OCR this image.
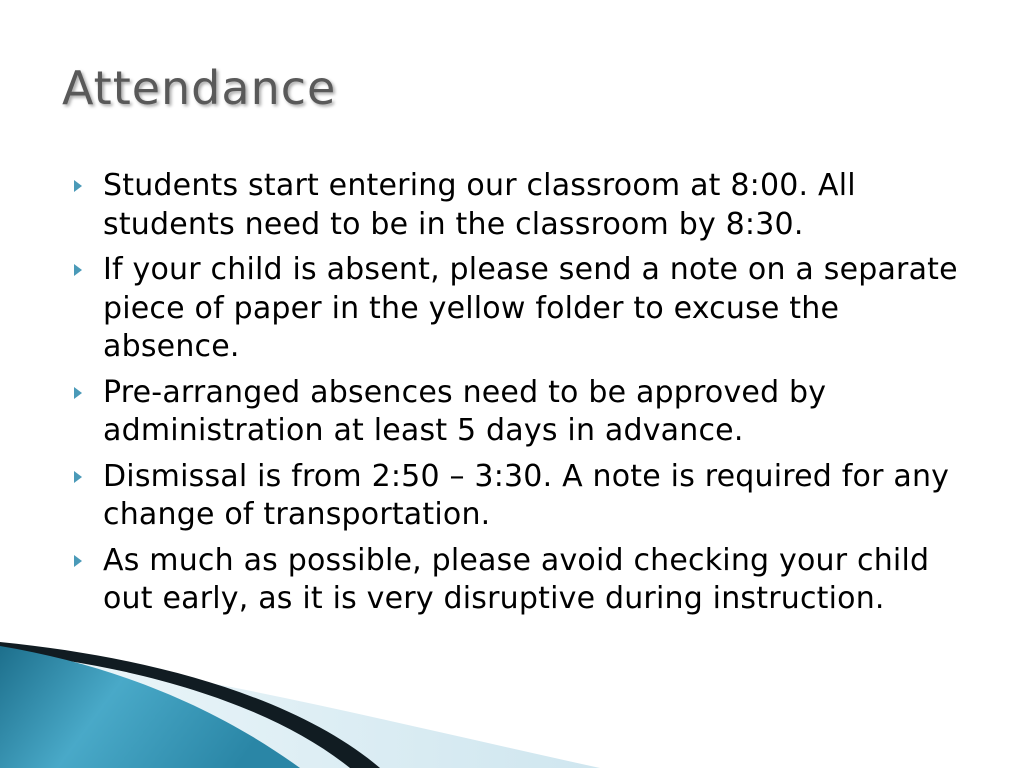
Attendance
Students start entering our classroom at 8:00. All students need to be in the classroom by 8:30.
If your child is absent, please send a note on a separate piece of paper in the yellow folder to excuse the absence.
Pre-arranged absences need to be approved by administration at least 5 days in advance.
Dismissal is from 2:50 – 3:30. A note is required for any change of transportation.
As much as possible, please avoid checking your child out early, as it is very disruptive during instruction.
